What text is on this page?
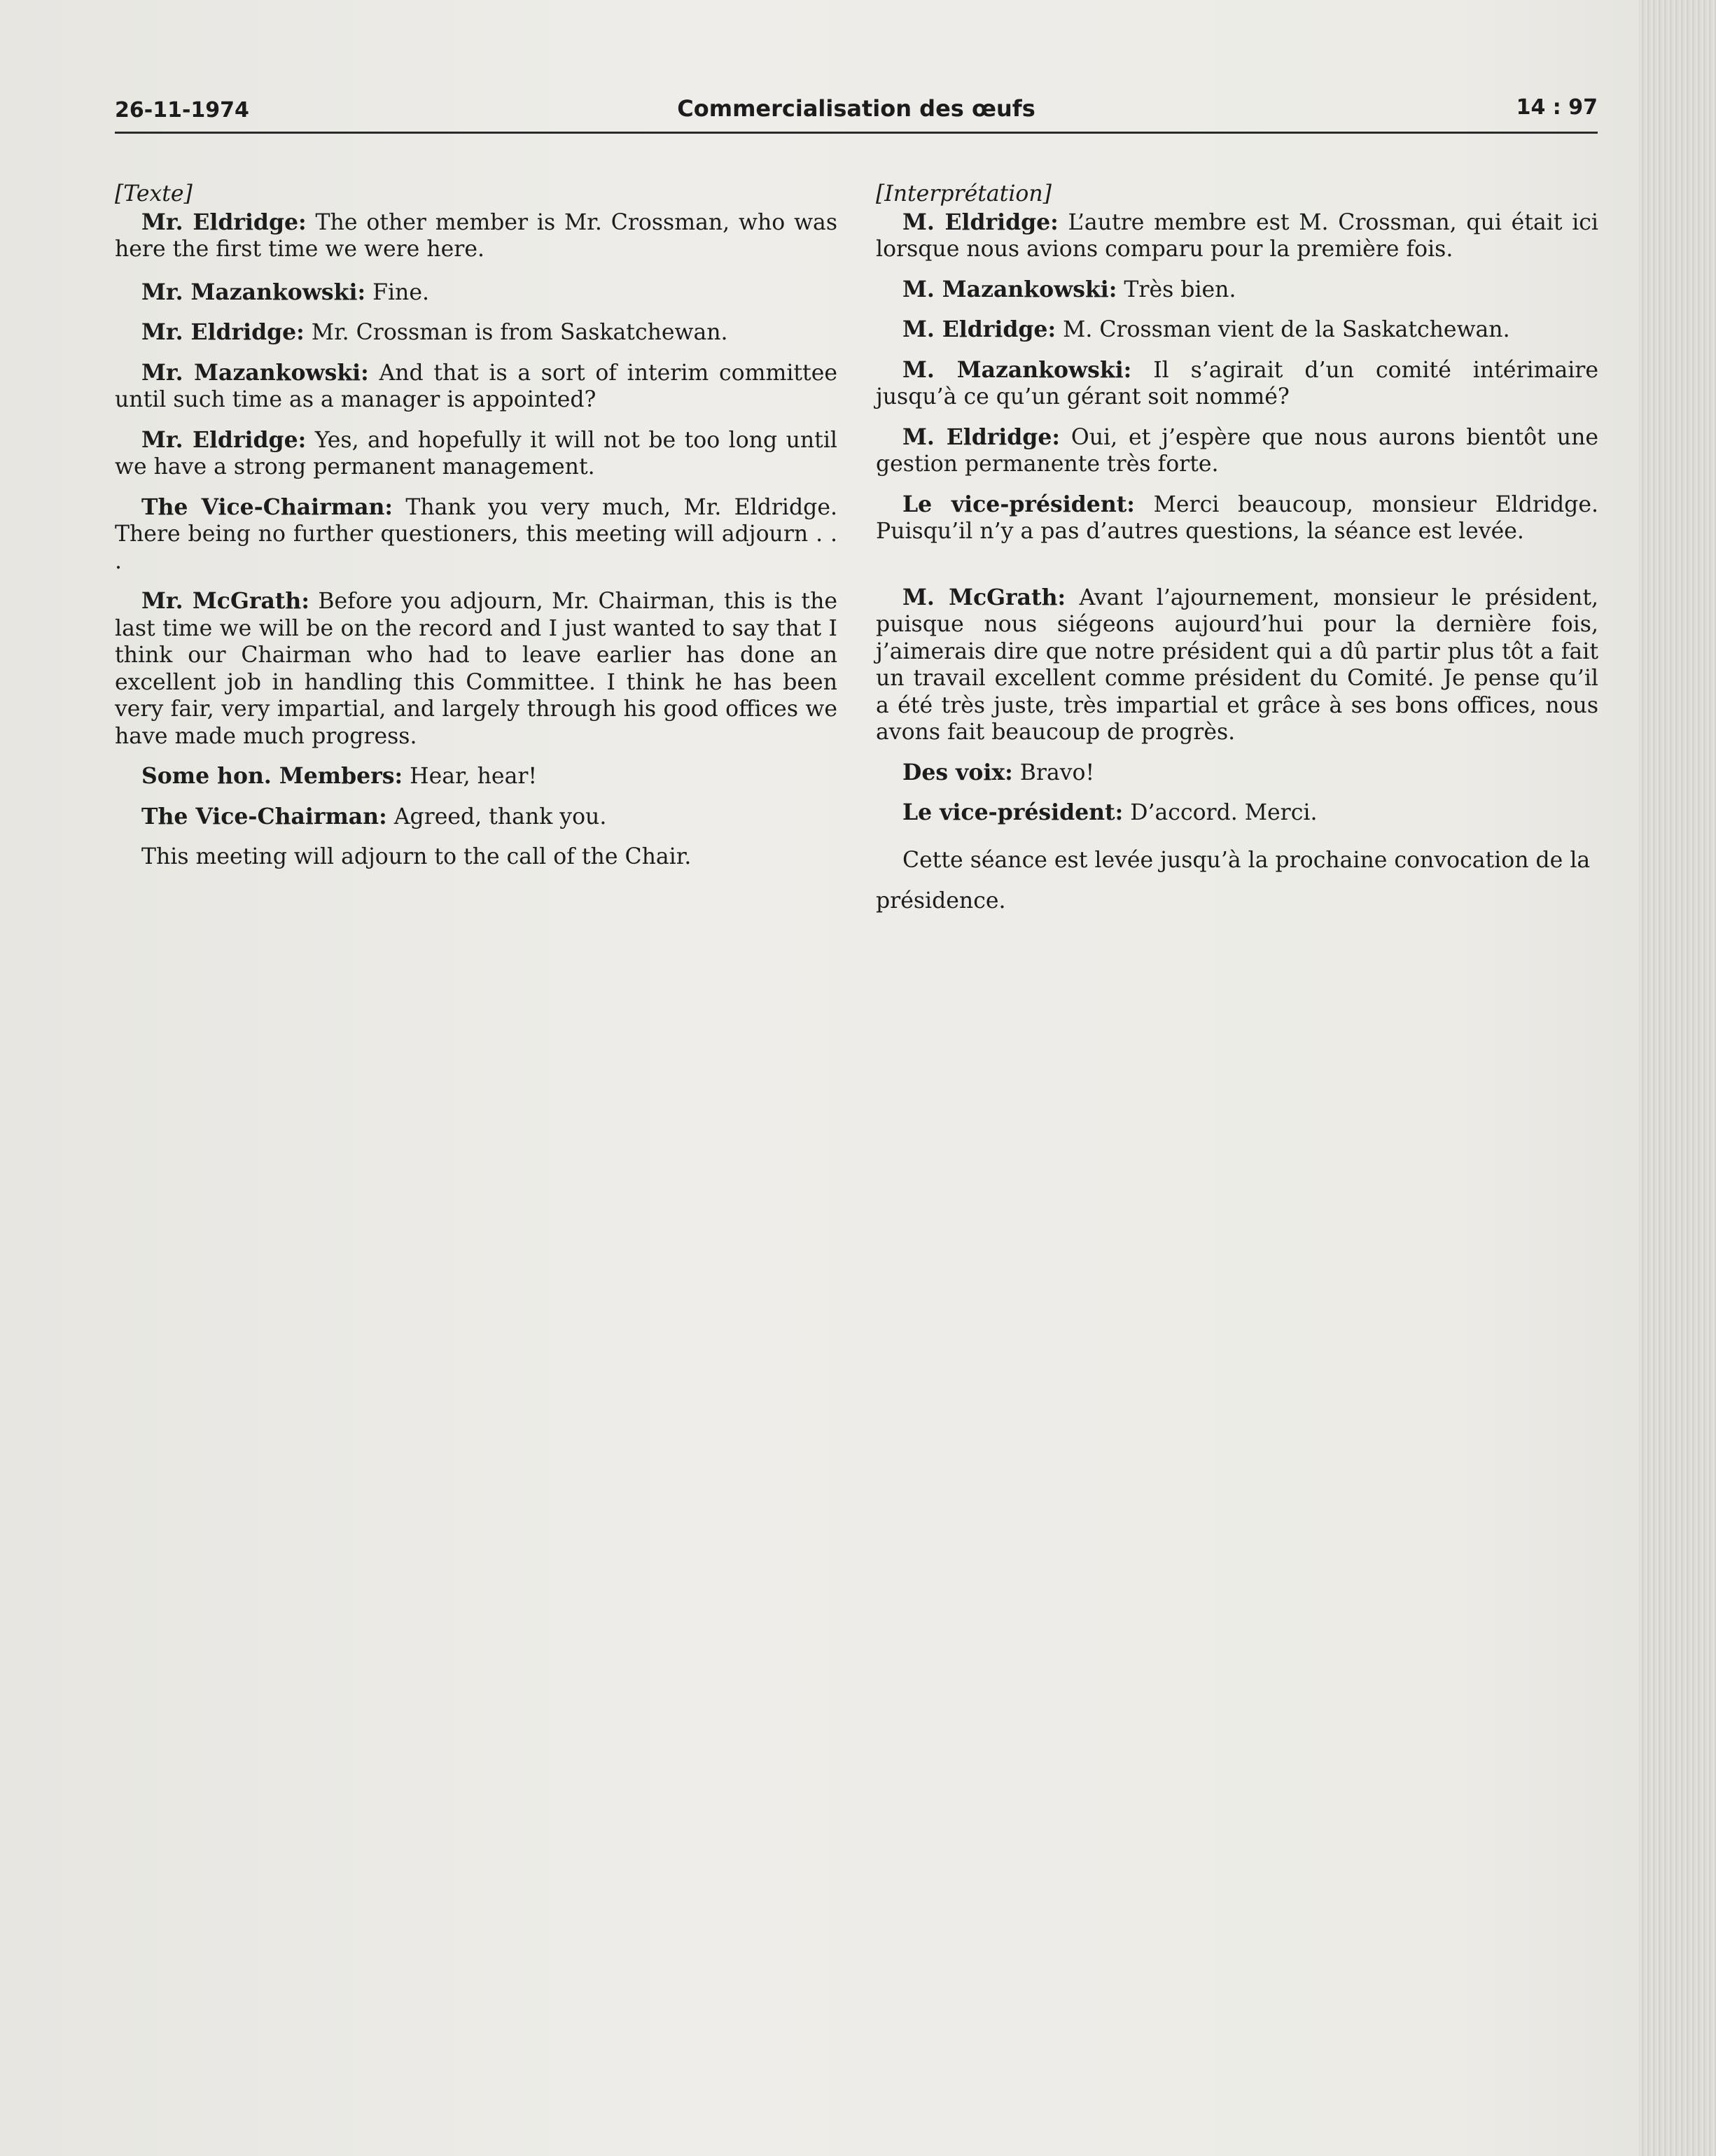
26-11-1974	Commercialisation des œufs	14 : 97

[Texte]

Mr. Eldridge: The other member is Mr. Crossman, who was here the first time we were here.

Mr. Mazankowski: Fine.

Mr. Eldridge: Mr. Crossman is from Saskatchewan.

Mr. Mazankowski: And that is a sort of interim committee until such time as a manager is appointed?

Mr. Eldridge: Yes, and hopefully it will not be too long until we have a strong permanent management.

The Vice-Chairman: Thank you very much, Mr. Eldridge. There being no further questioners, this meeting will adjourn . . .

Mr. McGrath: Before you adjourn, Mr. Chairman, this is the last time we will be on the record and I just wanted to say that I think our Chairman who had to leave earlier has done an excellent job in handling this Committee. I think he has been very fair, very impartial, and largely through his good offices we have made much progress.

Some hon. Members: Hear, hear!

The Vice-Chairman: Agreed, thank you.

This meeting will adjourn to the call of the Chair.

[Interprétation]

M. Eldridge: L’autre membre est M. Crossman, qui était ici lorsque nous avions comparu pour la première fois.

M. Mazankowski: Très bien.

M. Eldridge: M. Crossman vient de la Saskatchewan.

M. Mazankowski: Il s’agirait d’un comité intérimaire jusqu’à ce qu’un gérant soit nommé?

M. Eldridge: Oui, et j’espère que nous aurons bientôt une gestion permanente très forte.

Le vice-président: Merci beaucoup, monsieur Eldridge. Puisqu’il n’y a pas d’autres questions, la séance est levée.

M. McGrath: Avant l’ajournement, monsieur le président, puisque nous siégeons aujourd’hui pour la dernière fois, j’aimerais dire que notre président qui a dû partir plus tôt a fait un travail excellent comme président du Comité. Je pense qu’il a été très juste, très impartial et grâce à ses bons offices, nous avons fait beaucoup de progrès.

Des voix: Bravo!

Le vice-président: D’accord. Merci.

Cette séance est levée jusqu’à la prochaine convocation de la présidence.
